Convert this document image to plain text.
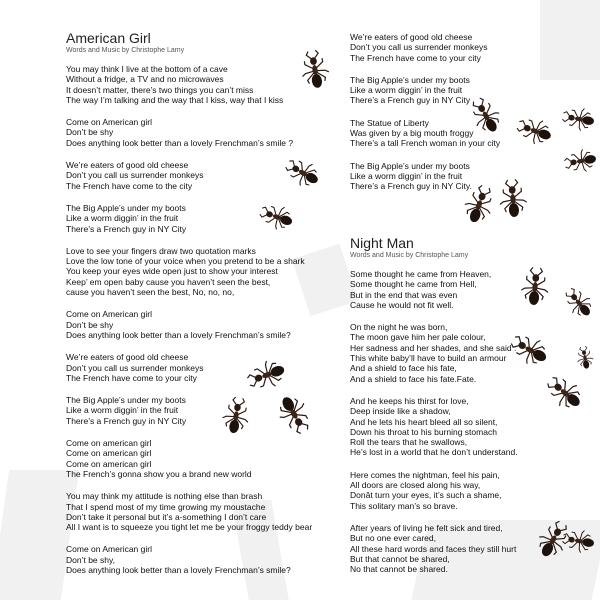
American Girl
Words and Music by Christophe Lamy
You may think I live at the bottom of a cave
Without a fridge, a TV and no microwaves
It doesn’t matter, there’s two things you can’t miss
The way I’m talking and the way that I kiss, way that I kiss
Come on American girl
Don’t be shy
Does anything look better than a lovely Frenchman’s smile ?
We’re eaters of good old cheese
Don’t you call us surrender monkeys
The French have come to the city
The Big Apple’s under my boots
Like a worm diggin’ in the fruit
There’s a French guy in NY City
Love to see your fingers draw two quotation marks
Love the low tone of your voice when you pretend to be a shark
You keep your eyes wide open just to show your interest
Keep’ em open baby cause you haven’t seen the best,
cause you haven’t seen the best, No, no, no,
Come on American girl
Don’t be shy
Does anything look better than a lovely Frenchman’s smile?
We’re eaters of good old cheese
Don’t you call us surrender monkeys
The French have come to your city
The Big Apple’s under my boots
Like a worm diggin’ in the fruit
There’s a French guy in NY City
Come on american girl
Come on american girl
Come on american girl
The French’s gonna show you a brand new world
You may think my attitude is nothing else than brash
That I spend most of my time growing my moustache
Don’t take it personal but it’s a-something I don’t care
All I want is to squeeze you tight let me be your froggy teddy bear
Come on American girl
Don’t be shy,
Does anything look better than a lovely Frenchman’s smile?
We’re eaters of good old cheese
Don’t you call us surrender monkeys
The French have come to your city
The Big Apple’s under my boots
Like a worm diggin’ in the fruit
There’s a French guy in NY City
The Statue of Liberty
Was given by a big mouth froggy
There’s a tall French woman in your city
The Big Apple’s under my boots
Like a worm diggin’ in the fruit
There’s a French guy in NY City.
Night Man
Words and Music by Christophe Lamy
Some thought he came from Heaven,
Some thought he came from Hell,
But in the end that was even
Cause he would not fit well.
On the night he was born,
The moon gave him her pale colour,
Her sadness and her shades, and she said :
This white baby’ll have to build an armour
And a shield to face his fate,
And a shield to face his fate.Fate.
And he keeps his thirst for love,
Deep inside like a shadow,
And he lets his heart bleed all so silent,
Down his throat to his burning stomach
Roll the tears that he swallows,
He’s lost in a world that he don’t understand.
Here comes the nightman, feel his pain,
All doors are closed along his way,
Donât turn your eyes, it’s such a shame,
This solitary man’s so brave.
After years of living he felt sick and tired,
But no one ever cared,
All these hard words and faces they still hurt
But that cannot be shared,
No that cannot be shared.
